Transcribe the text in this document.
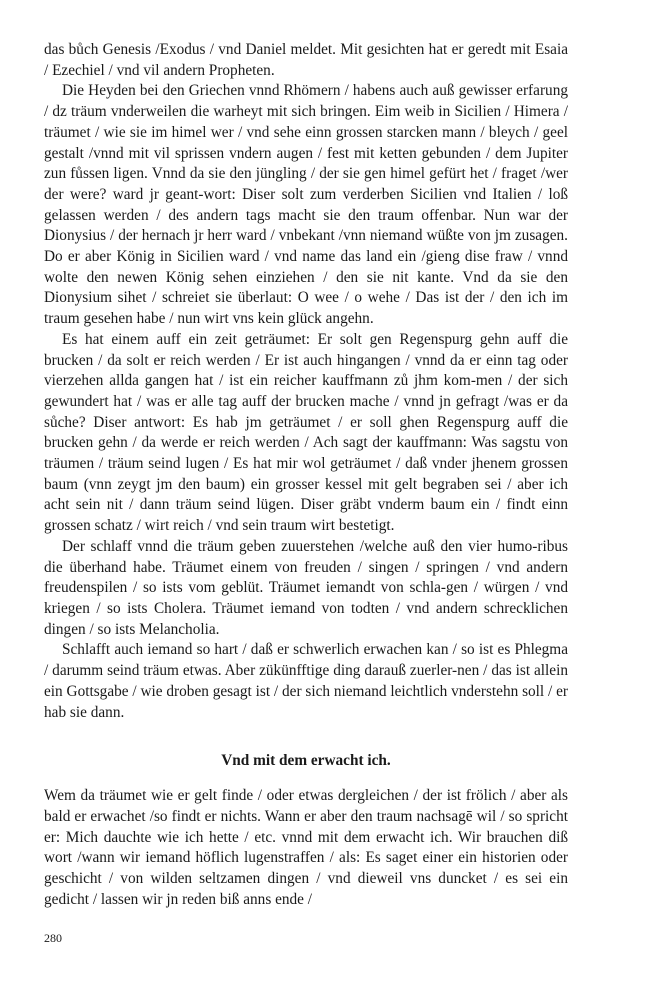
das bůch Genesis /Exodus / vnd Daniel meldet. Mit gesichten hat er geredt mit Esaia / Ezechiel / vnd vil andern Propheten.

Die Heyden bei den Griechen vnnd Rhömern / habens auch auß gewisser erfarung / dz träum vnderweilen die warheyt mit sich bringen. Eim weib in Sicilien / Himera / träumet / wie sie im himel wer / vnd sehe einn grossen starcken mann / bleych / geel gestalt /vnnd mit vil sprissen vndern augen / fest mit ketten gebunden / dem Jupiter zun fůssen ligen. Vnnd da sie den jüngling / der sie gen himel gefürt het / fraget /wer der were? ward jr geant-wort: Diser solt zum verderben Sicilien vnd Italien / loß gelassen werden / des andern tags macht sie den traum offenbar. Nun war der Dionysius / der hernach jr herr ward / vnbekant /vnn niemand wüßte von jm zusagen. Do er aber König in Sicilien ward / vnd name das land ein /gieng dise fraw / vnnd wolte den newen König sehen einziehen / den sie nit kante. Vnd da sie den Dionysium sihet / schreiet sie überlaut: O wee / o wehe / Das ist der / den ich im traum gesehen habe / nun wirt vns kein glück angehn.

Es hat einem auff ein zeit geträumet: Er solt gen Regenspurg gehn auff die brucken / da solt er reich werden / Er ist auch hingangen / vnnd da er einn tag oder vierzehen allda gangen hat / ist ein reicher kauffmann zů jhm kom-men / der sich gewundert hat / was er alle tag auff der brucken mache / vnnd jn gefragt /was er da sůche? Diser antwort: Es hab jm geträumet / er soll ghen Regenspurg auff die brucken gehn / da werde er reich werden / Ach sagt der kauffmann: Was sagstu von träumen / träum seind lugen / Es hat mir wol geträumet / daß vnder jhenem grossen baum (vnn zeygt jm den baum) ein grosser kessel mit gelt begraben sei / aber ich acht sein nit / dann träum seind lügen. Diser gräbt vnderm baum ein / findt einn grossen schatz / wirt reich / vnd sein traum wirt bestetigt.

Der schlaff vnnd die träum geben zuuerstehen /welche auß den vier humo-ribus die überhand habe. Träumet einem von freuden / singen / springen / vnd andern freudenspilen / so ists vom geblüt. Träumet iemandt von schla-gen / würgen / vnd kriegen / so ists Cholera. Träumet iemand von todten / vnd andern schrecklichen dingen / so ists Melancholia.

Schlafft auch iemand so hart / daß er schwerlich erwachen kan / so ist es Phlegma / darumm seind träum etwas. Aber zükünfftige ding darauß zuerler-nen / das ist allein ein Gottsgabe / wie droben gesagt ist / der sich niemand leichtlich vnderstehn soll / er hab sie dann.

Vnd mit dem erwacht ich.

Wem da träumet wie er gelt finde / oder etwas dergleichen / der ist frölich / aber als bald er erwachet /so findt er nichts. Wann er aber den traum nachsagē wil / so spricht er: Mich dauchte wie ich hette / etc. vnnd mit dem erwacht ich. Wir brauchen diß wort /wann wir iemand höflich lugenstraffen / als: Es saget einer ein historien oder geschicht / von wilden seltzamen dingen / vnd dieweil vns duncket / es sei ein gedicht / lassen wir jn reden biß anns ende /

280
